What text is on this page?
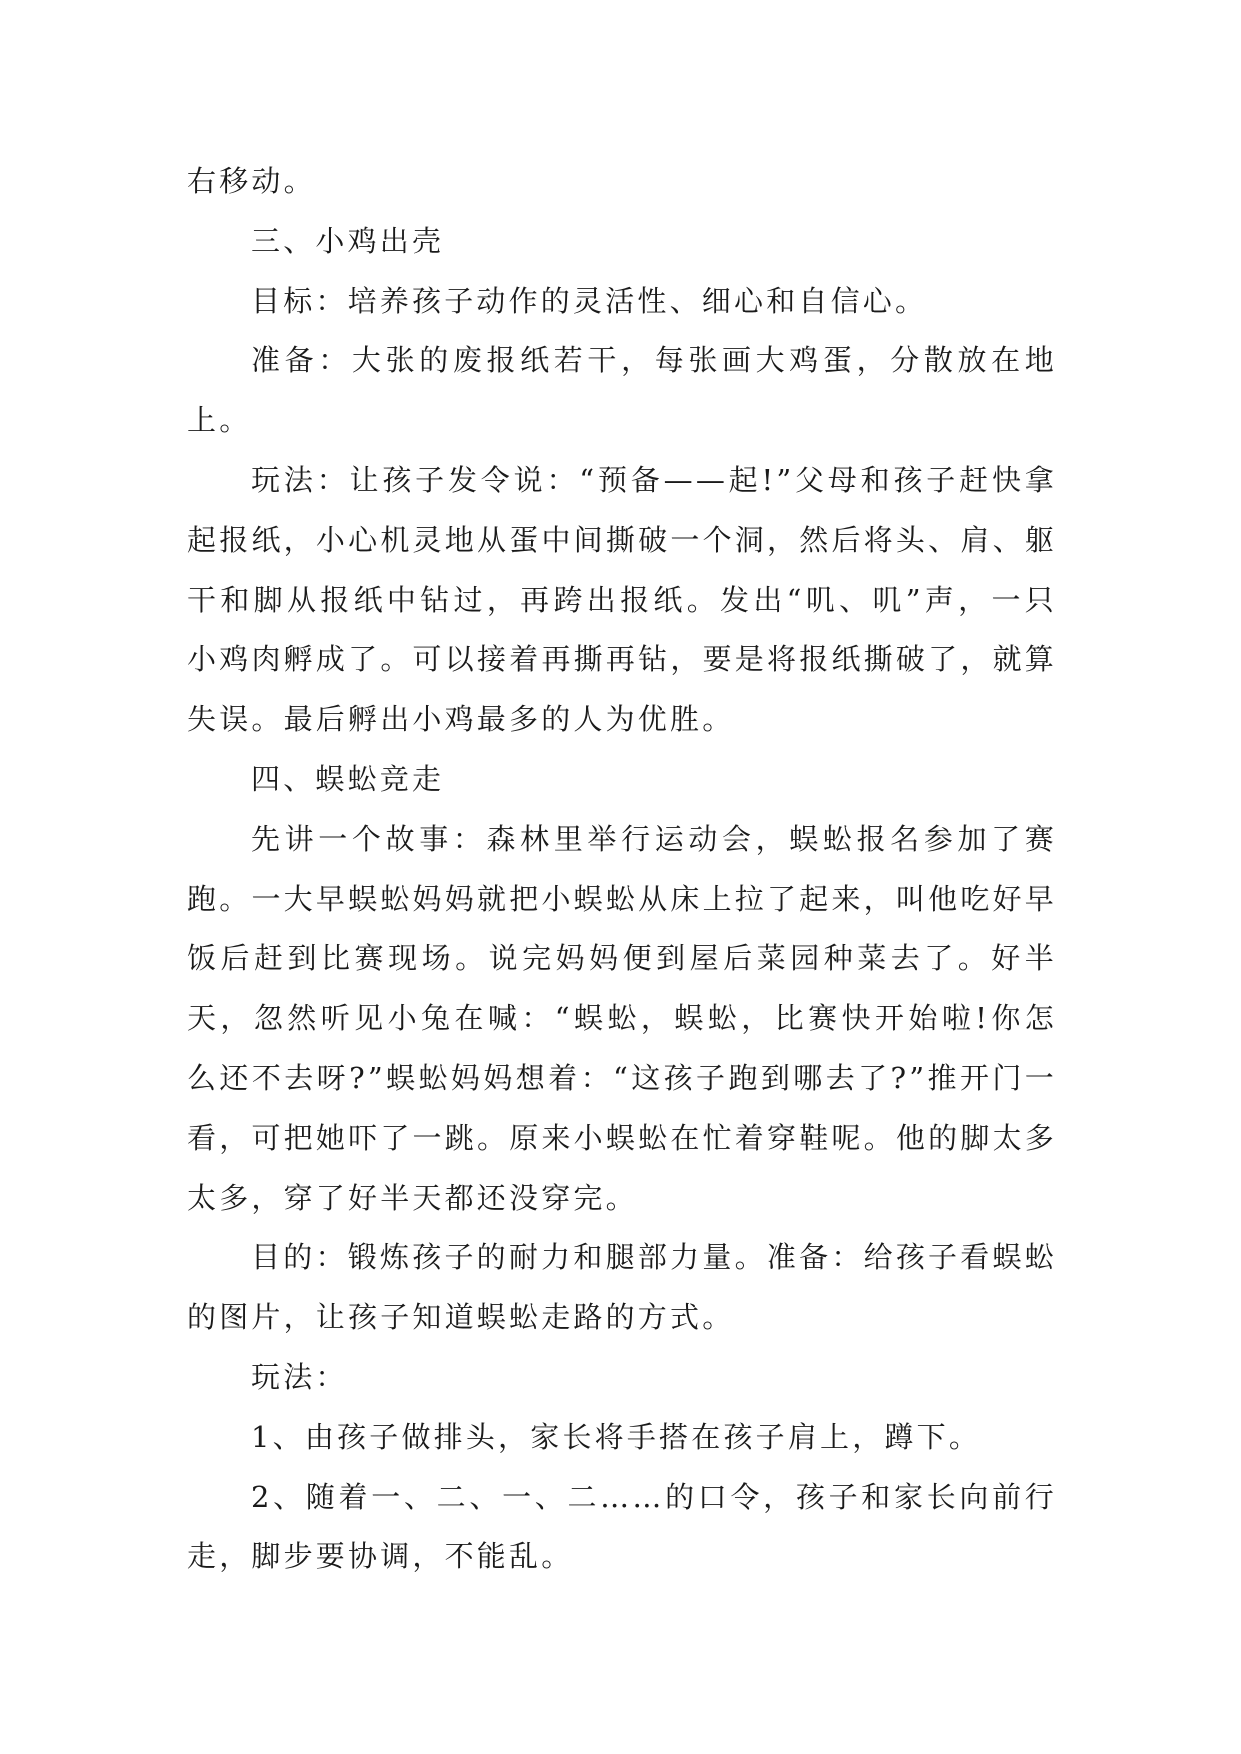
右移动。

三、小鸡出壳

目标：培养孩子动作的灵活性、细心和自信心。

准备：大张的废报纸若干，每张画大鸡蛋，分散放在地上。

玩法：让孩子发令说：“预备——起!”父母和孩子赶快拿起报纸，小心机灵地从蛋中间撕破一个洞，然后将头、肩、躯干和脚从报纸中钻过，再跨出报纸。发出“叽、叽”声，一只小鸡肉孵成了。可以接着再撕再钻，要是将报纸撕破了，就算失误。最后孵出小鸡最多的人为优胜。

四、蜈蚣竞走

先讲一个故事：森林里举行运动会，蜈蚣报名参加了赛跑。一大早蜈蚣妈妈就把小蜈蚣从床上拉了起来，叫他吃好早饭后赶到比赛现场。说完妈妈便到屋后菜园种菜去了。好半天，忽然听见小兔在喊：“蜈蚣，蜈蚣，比赛快开始啦!你怎么还不去呀?”蜈蚣妈妈想着：“这孩子跑到哪去了?”推开门一看，可把她吓了一跳。原来小蜈蚣在忙着穿鞋呢。他的脚太多太多，穿了好半天都还没穿完。

目的：锻炼孩子的耐力和腿部力量。准备：给孩子看蜈蚣的图片，让孩子知道蜈蚣走路的方式。

玩法：

1、由孩子做排头，家长将手搭在孩子肩上，蹲下。

2、随着一、二、一、二……的口令，孩子和家长向前行走，脚步要协调，不能乱。
